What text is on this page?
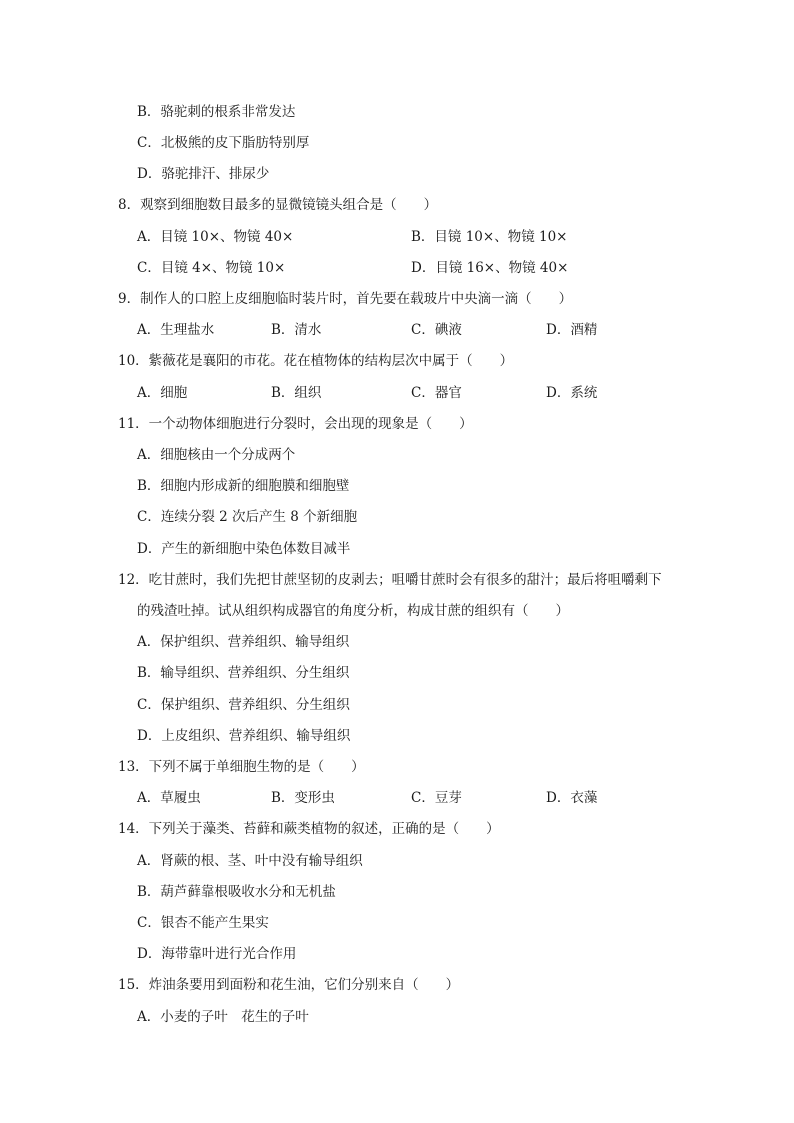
B．骆驼刺的根系非常发达
C．北极熊的皮下脂肪特别厚
D．骆驼排汗、排尿少
8．观察到细胞数目最多的显微镜镜头组合是（　　）
A．目镜 10×、物镜 40×	B．目镜 10×、物镜 10×
C．目镜 4×、物镜 10×	D．目镜 16×、物镜 40×
9．制作人的口腔上皮细胞临时装片时，首先要在载玻片中央滴一滴（　　）
A．生理盐水	B．清水	C．碘液	D．酒精
10．紫薇花是襄阳的市花。花在植物体的结构层次中属于（　　）
A．细胞	B．组织	C．器官	D．系统
11．一个动物体细胞进行分裂时，会出现的现象是（　　）
A．细胞核由一个分成两个
B．细胞内形成新的细胞膜和细胞壁
C．连续分裂 2 次后产生 8 个新细胞
D．产生的新细胞中染色体数目减半
12．吃甘蔗时，我们先把甘蔗坚韧的皮剥去；咀嚼甘蔗时会有很多的甜汁；最后将咀嚼剩下
的残渣吐掉。试从组织构成器官的角度分析，构成甘蔗的组织有（　　）
A．保护组织、营养组织、输导组织
B．输导组织、营养组织、分生组织
C．保护组织、营养组织、分生组织
D．上皮组织、营养组织、输导组织
13．下列不属于单细胞生物的是（　　）
A．草履虫	B．变形虫	C．豆芽	D．衣藻
14．下列关于藻类、苔藓和蕨类植物的叙述，正确的是（　　）
A．肾蕨的根、茎、叶中没有输导组织
B．葫芦藓靠根吸收水分和无机盐
C．银杏不能产生果实
D．海带靠叶进行光合作用
15．炸油条要用到面粉和花生油，它们分别来自（　　）
A．小麦的子叶　花生的子叶
